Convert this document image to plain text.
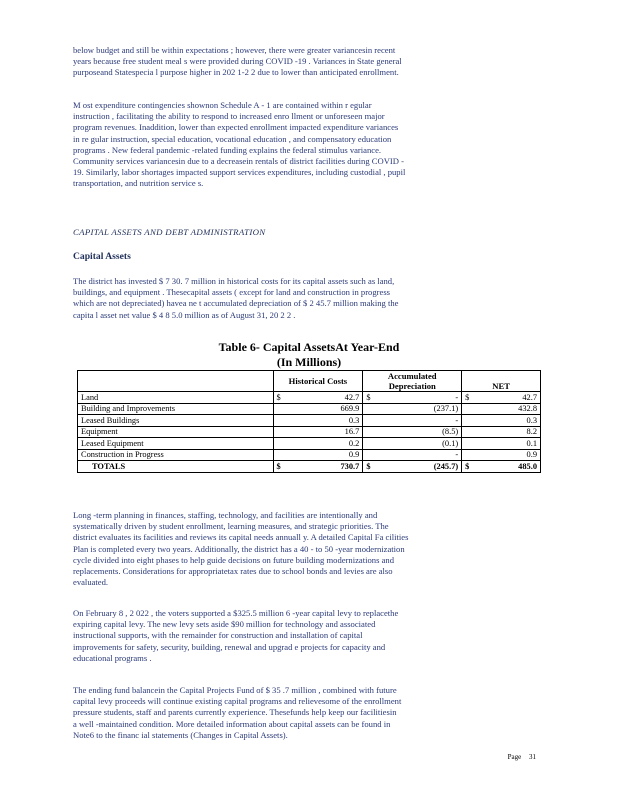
below budget and still be within expectations ; however, there were greater variancesin recent
years because free student meal s were provided during COVID -19 . Variances in State general
purposeand Statespecia l purpose higher in 202 1-2 2 due to lower than anticipated enrollment.
M ost expenditure contingencies shownon Schedule A - 1 are contained within r egular
instruction , facilitating the ability to respond to increased enro llment or unforeseen major
program revenues. Inaddition, lower than expected enrollment impacted expenditure variances
in re gular instruction, special education, vocational education , and compensatory education
programs . New federal pandemic -related funding explains the federal stimulus variance.
Community services variancesin due to a decreasein rentals of district facilities during COVID -
19. Similarly, labor shortages impacted support services expenditures, including custodial , pupil
transportation, and nutrition service s.
CAPITAL ASSETS AND DEBT ADMINISTRATION
Capital Assets
The district has invested $ 7 30. 7 million in historical costs for its capital assets such as land,
buildings, and equipment . Thesecapital assets ( except for land and construction in progress
which are not depreciated) havea ne t accumulated depreciation of $ 2 45.7 million making the
capita l asset net value $ 4 8 5.0 million as of August 31, 20 2 2 .
Table 6- Capital AssetsAt Year-End
(In Millions)
	Historical Costs	Accumulated Depreciation	NET
Land	$ 42.7	$ -	$ 42.7
Building and Improvements	669.9	(237.1)	432.8
Leased Buildings	0.3	-	0.3
Equipment	16.7	(8.5)	8.2
Leased Equipment	0.2	(0.1)	0.1
Construction in Progress	0.9	-	0.9
TOTALS	$ 730.7	$ (245.7)	$ 485.0
Long -term planning in finances, staffing, technology, and facilities are intentionally and
systematically driven by student enrollment, learning measures, and strategic priorities. The
district evaluates its facilities and reviews its capital needs annuall y. A detailed Capital Fa cilities
Plan is completed every two years. Additionally, the district has a 40 - to 50 -year modernization
cycle divided into eight phases to help guide decisions on future building modernizations and
replacements. Considerations for appropriatetax rates due to school bonds and levies are also
evaluated.
On February 8 , 2 022 , the voters supported a $325.5 million 6 -year capital levy to replacethe
expiring capital levy. The new levy sets aside $90 million for technology and associated
instructional supports, with the remainder for construction and installation of capital
improvements for safety, security, building, renewal and upgrad e projects for capacity and
educational programs .
The ending fund balancein the Capital Projects Fund of $ 35 .7 million , combined with future
capital levy proceeds will continue existing capital programs and relievesome of the enrollment
pressure students, staff and parents currently experience. Thesefunds help keep our facilitiesin
a well -maintained condition. More detailed information about capital assets can be found in
Note6 to the financ ial statements (Changes in Capital Assets).
Page 31
